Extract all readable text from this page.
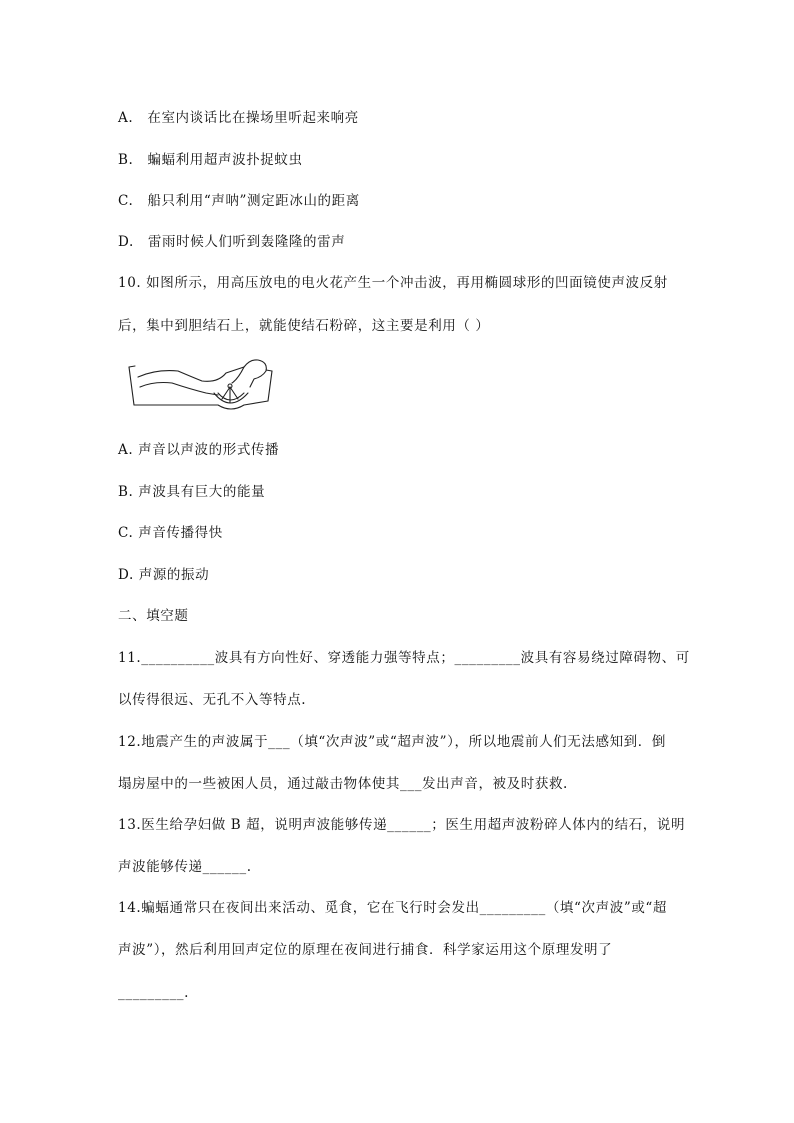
A.　在室内谈话比在操场里听起来响亮
B.　蝙蝠利用超声波扑捉蚊虫
C.　船只利用“声呐”测定距冰山的距离
D.　雷雨时候人们听到轰隆隆的雷声
10. 如图所示，用高压放电的电火花产生一个冲击波，再用椭圆球形的凹面镜使声波反射
后，集中到胆结石上，就能使结石粉碎，这主要是利用（ ）
A. 声音以声波的形式传播
B. 声波具有巨大的能量
C. 声音传播得快
D. 声源的振动
二、填空题
11.__________波具有方向性好、穿透能力强等特点；_________波具有容易绕过障碍物、可
以传得很远、无孔不入等特点.
12.地震产生的声波属于___（填“次声波”或“超声波”），所以地震前人们无法感知到．倒
塌房屋中的一些被困人员，通过敲击物体使其___发出声音，被及时获救.
13.医生给孕妇做 B 超，说明声波能够传递______；医生用超声波粉碎人体内的结石，说明
声波能够传递______.
14.蝙蝠通常只在夜间出来活动、觅食，它在飞行时会发出_________（填“次声波”或“超
声波”），然后利用回声定位的原理在夜间进行捕食．科学家运用这个原理发明了
_________.
